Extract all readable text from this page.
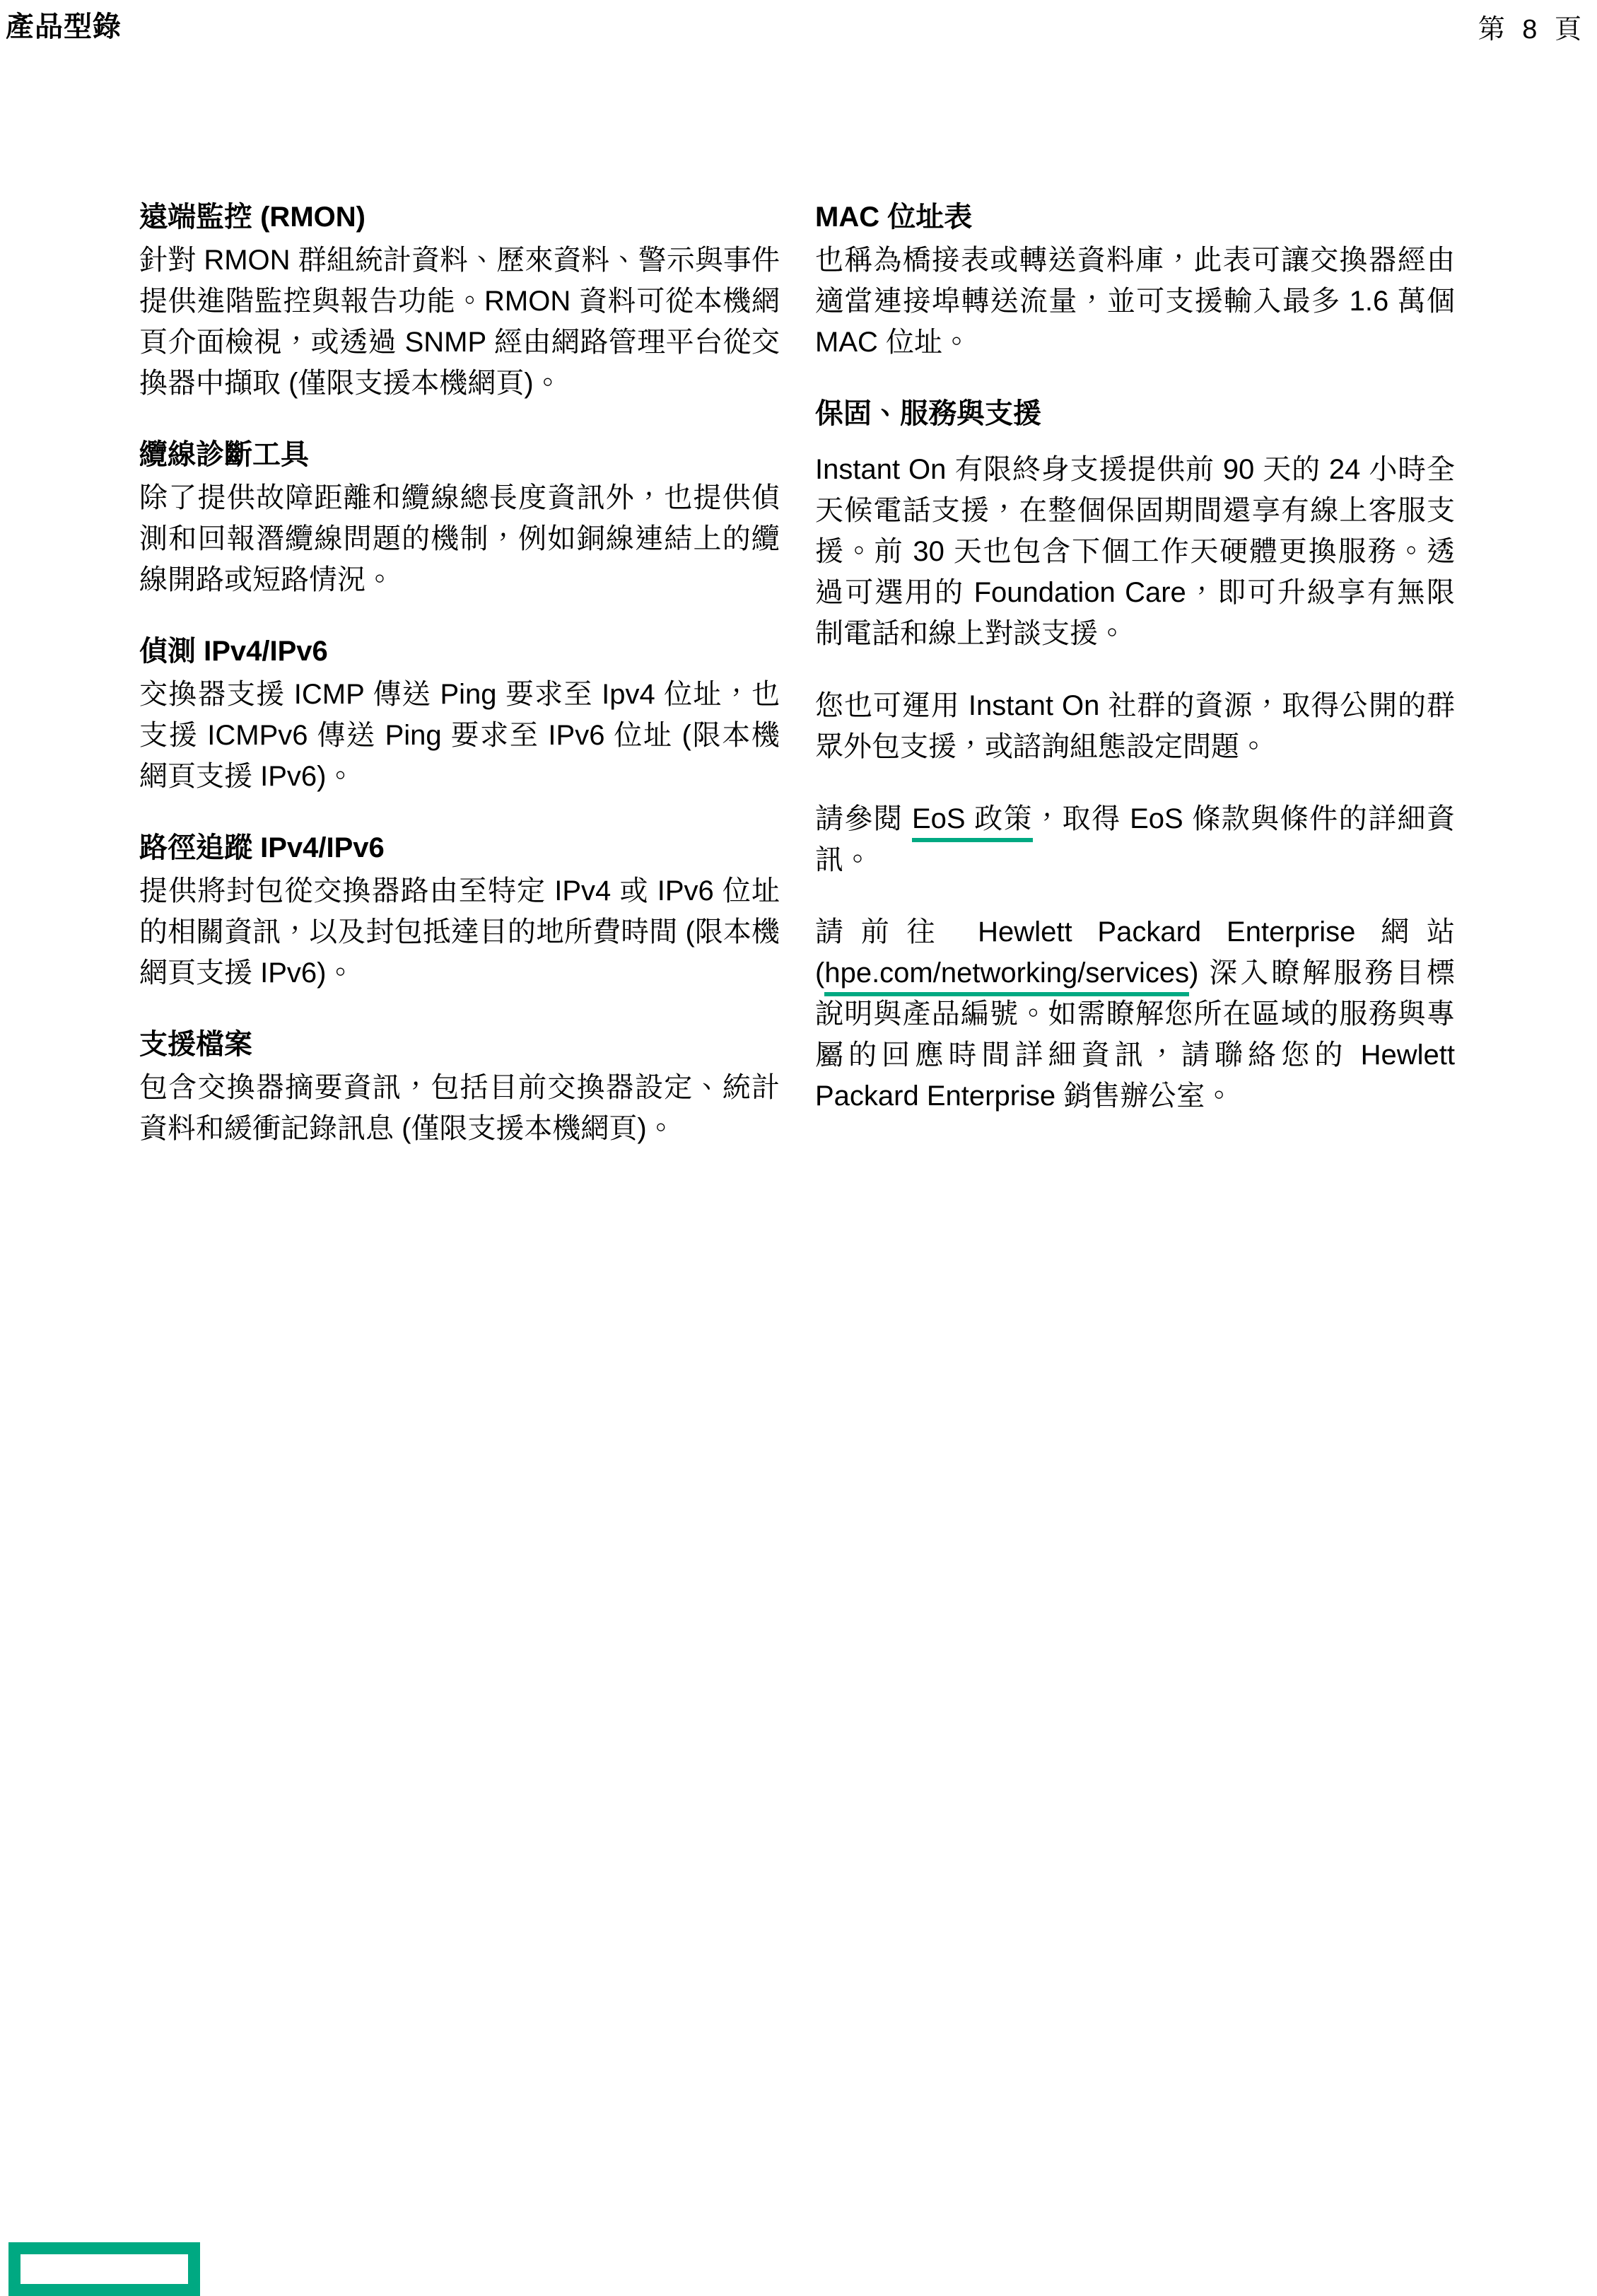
產品型錄	第 8 頁
遠端監控 (RMON)

針對 RMON 群組統計資料、歷來資料、警示與事件提供進階監控與報告功能。RMON 資料可從本機網頁介面檢視，或透過 SNMP 經由網路管理平台從交換器中擷取 (僅限支援本機網頁)。

纜線診斷工具

除了提供故障距離和纜線總長度資訊外，也提供偵測和回報潛纜線問題的機制，例如銅線連結上的纜線開路或短路情況。

偵測 IPv4/IPv6

交換器支援 ICMP 傳送 Ping 要求至 Ipv4 位址，也支援 ICMPv6 傳送 Ping 要求至 IPv6 位址 (限本機網頁支援 IPv6)。

路徑追蹤 IPv4/IPv6

提供將封包從交換器路由至特定 IPv4 或 IPv6 位址的相關資訊，以及封包抵達目的地所費時間 (限本機網頁支援 IPv6)。

支援檔案

包含交換器摘要資訊，包括目前交換器設定、統計資料和緩衝記錄訊息 (僅限支援本機網頁)。

MAC 位址表

也稱為橋接表或轉送資料庫，此表可讓交換器經由適當連接埠轉送流量，並可支援輸入最多 1.6 萬個 MAC 位址。

保固、服務與支援

Instant On 有限終身支援提供前 90 天的 24 小時全天候電話支援，在整個保固期間還享有線上客服支援。前 30 天也包含下個工作天硬體更換服務。透過可選用的 Foundation Care，即可升級享有無限制電話和線上對談支援。

您也可運用 Instant On 社群的資源，取得公開的群眾外包支援，或諮詢組態設定問題。

請參閱 EoS 政策，取得 EoS 條款與條件的詳細資訊。

請前往 Hewlett Packard Enterprise 網站 (hpe.com/networking/services) 深入瞭解服務目標說明與產品編號。如需瞭解您所在區域的服務與專屬的回應時間詳細資訊，請聯絡您的 Hewlett Packard Enterprise 銷售辦公室。
